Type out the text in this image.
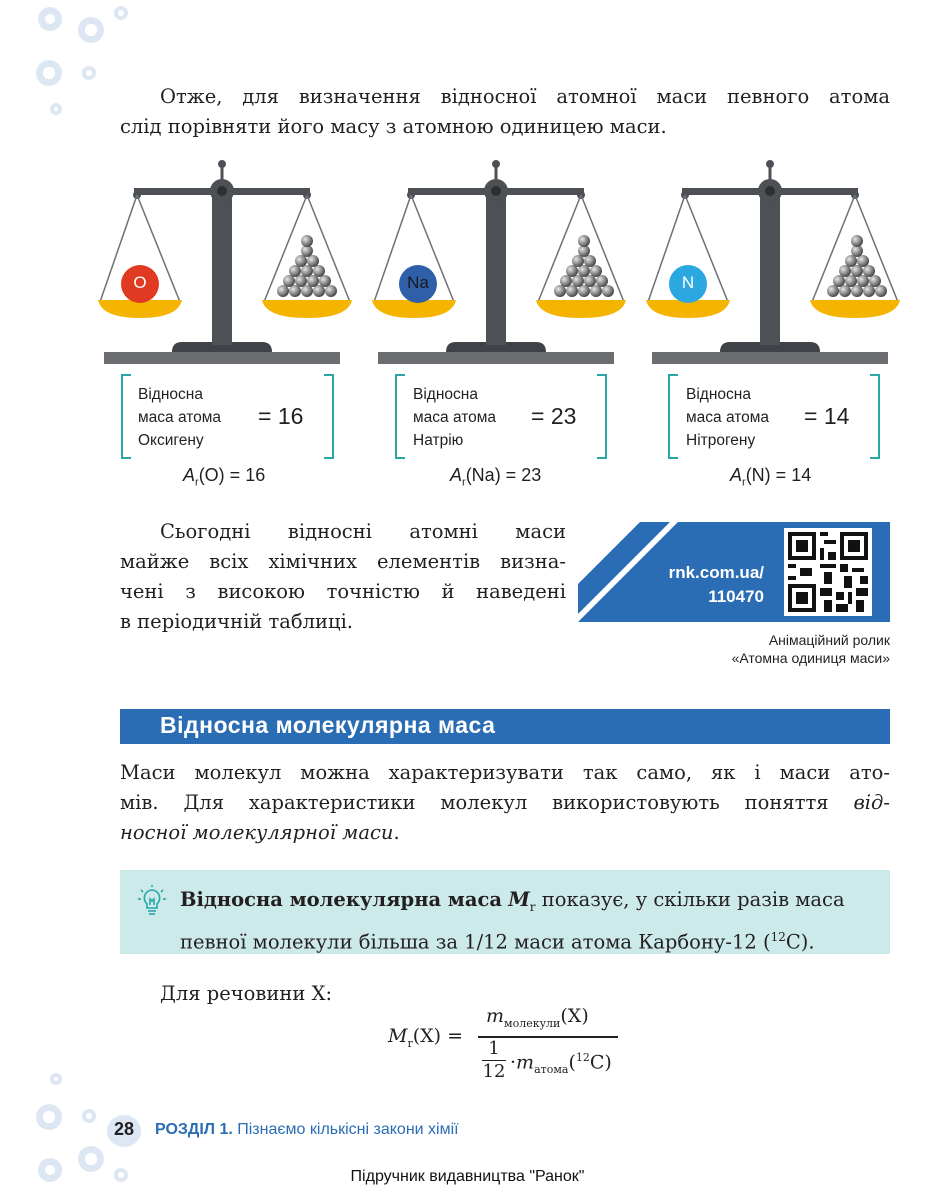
Отже, для визначення відносної атомної маси певного атома
слід порівняти його масу з атомною одиницею маси.
O	Na	N
Відносна
маса атома
Оксигену
= 16
$A_r(O) = 16$
Відносна
маса атома
Натрію
= 23
$A_r(Na) = 23$
Відносна
маса атома
Нітрогену
= 14
$A_r(N) = 14$
Сьогодні відносні атомні маси
майже всіх хімічних елементів визна-
чені з високою точністю й наведені
в періодичній таблиці.
rnk.com.ua/
110470
Анімаційний ролик
«Атомна одиниця маси»
Відносна молекулярна маса
Маси молекул можна характеризувати так само, як і маси ато-
мів. Для характеристики молекул використовують поняття від-
носної молекулярної маси.
Відносна молекулярна маса $M_r$ показує, у скільки разів маса
певної молекули більша за 1/12 маси атома Карбону-12 ($^{12}$C).
Для речовини X:
$M_r(X)$ =
$m_{молекули}(X)$
1
$12 \cdot m_{атома}(^{12}C)$
28	РОЗДІЛ 1. Пізнаємо кількісні закони хімії
Підручник видавництва "Ранок"
